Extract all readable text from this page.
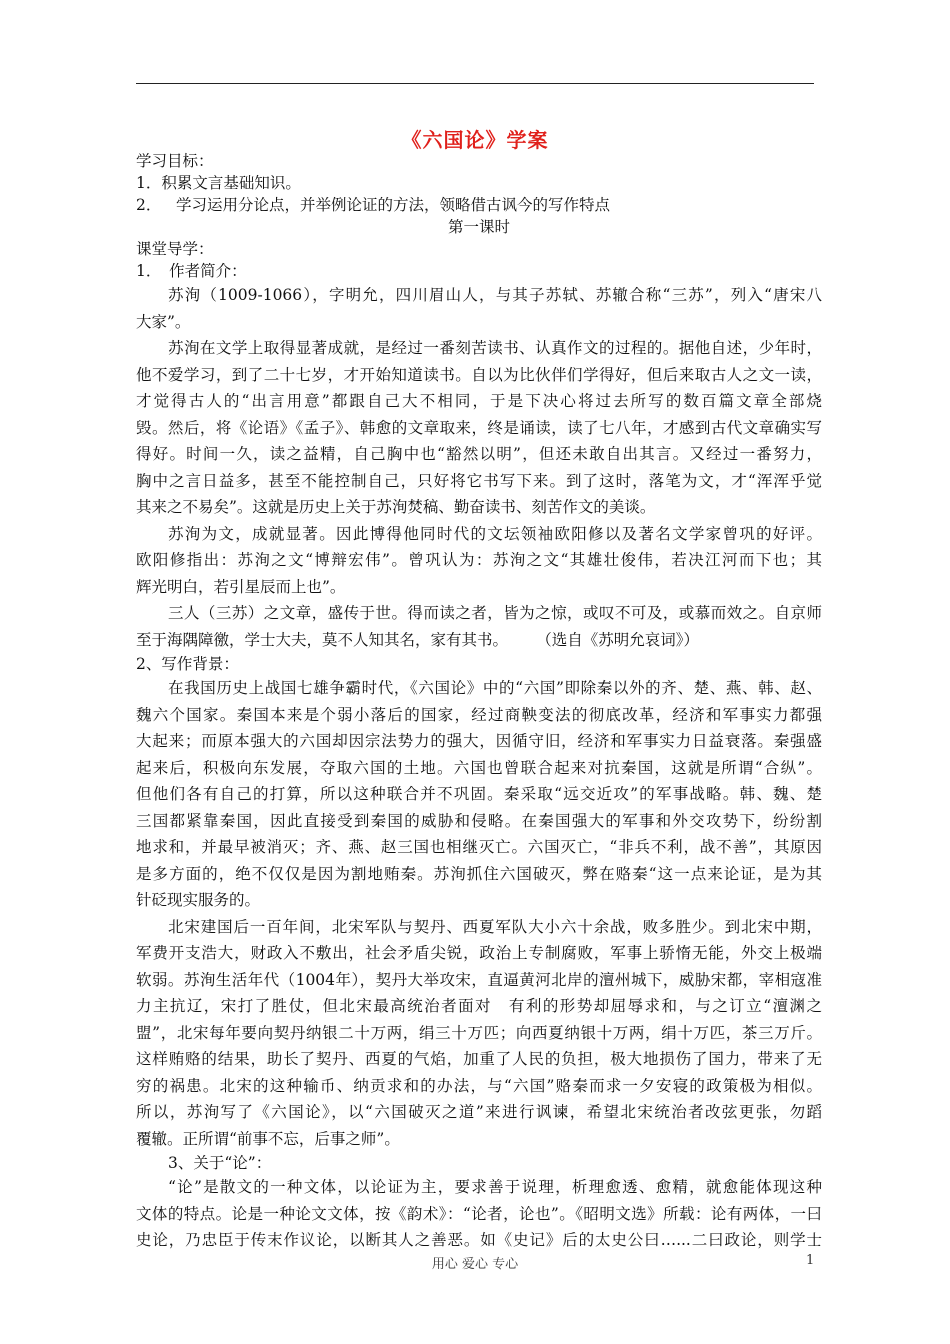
《六国论》学案
学习目标：
1．积累文言基础知识。
2． 学习运用分论点，并举例论证的方法，领略借古讽今的写作特点
第一课时
课堂导学：
1．　作者简介：
苏洵（1009-1066），字明允，四川眉山人，与其子苏轼、苏辙合称“三苏”，列入“唐宋八
大家”。
苏洵在文学上取得显著成就，是经过一番刻苦读书、认真作文的过程的。据他自述，少年时，
他不爱学习，到了二十七岁，才开始知道读书。自以为比伙伴们学得好，但后来取古人之文一读，
才觉得古人的“出言用意”都跟自己大不相同，于是下决心将过去所写的数百篇文章全部烧
毁。然后，将《论语》《孟子》、韩愈的文章取来，终是诵读，读了七八年，才感到古代文章确实写
得好。时间一久，读之益精，自己胸中也“豁然以明”，但还未敢自出其言。又经过一番努力，
胸中之言日益多，甚至不能控制自己，只好将它书写下来。到了这时，落笔为文，才“浑浑乎觉
其来之不易矣”。这就是历史上关于苏洵焚稿、勤奋读书、刻苦作文的美谈。
苏洵为文，成就显著。因此博得他同时代的文坛领袖欧阳修以及著名文学家曾巩的好评。
欧阳修指出：苏洵之文“博辩宏伟”。曾巩认为：苏洵之文“其雄壮俊伟，若决江河而下也；其
辉光明白，若引星辰而上也”。
三人（三苏）之文章，盛传于世。得而读之者，皆为之惊，或叹不可及，或慕而效之。自京师
至于海隅障徼，学士大夫，莫不人知其名，家有其书。 （选自《苏明允哀词》）
2、写作背景：
在我国历史上战国七雄争霸时代，《六国论》中的“六国”即除秦以外的齐、楚、燕、韩、赵、
魏六个国家。秦国本来是个弱小落后的国家，经过商鞅变法的彻底改革，经济和军事实力都强
大起来；而原本强大的六国却因宗法势力的强大，因循守旧，经济和军事实力日益衰落。秦强盛
起来后，积极向东发展，夺取六国的土地。六国也曾联合起来对抗秦国，这就是所谓“合纵”。
但他们各有自己的打算，所以这种联合并不巩固。秦采取“远交近攻”的军事战略。韩、魏、楚
三国都紧靠秦国，因此直接受到秦国的威胁和侵略。在秦国强大的军事和外交攻势下，纷纷割
地求和，并最早被消灭；齐、燕、赵三国也相继灭亡。六国灭亡，“非兵不利，战不善”，其原因
是多方面的，绝不仅仅是因为割地贿秦。苏洵抓住六国破灭，弊在赂秦“这一点来论证，是为其
针砭现实服务的。
北宋建国后一百年间，北宋军队与契丹、西夏军队大小六十余战，败多胜少。到北宋中期，
军费开支浩大，财政入不敷出，社会矛盾尖锐，政治上专制腐败，军事上骄惰无能，外交上极端
软弱。苏洵生活年代（1004年），契丹大举攻宋，直逼黄河北岸的澶州城下，威胁宋都，宰相寇准
力主抗辽，宋打了胜仗，但北宋最高统治者面对　有利的形势却屈辱求和，与之订立“澶渊之
盟”，北宋每年要向契丹纳银二十万两，绢三十万匹；向西夏纳银十万两，绢十万匹，茶三万斤。
这样贿赂的结果，助长了契丹、西夏的气焰，加重了人民的负担，极大地损伤了国力，带来了无
穷的祸患。北宋的这种输币、纳贡求和的办法，与“六国”赂秦而求一夕安寝的政策极为相似。
所以，苏洵写了《六国论》，以“六国破灭之道”来进行讽谏，希望北宋统治者改弦更张，勿蹈
覆辙。正所谓“前事不忘，后事之师”。
3、关于“论”：
“论”是散文的一种文体，以论证为主，要求善于说理，析理愈透、愈精，就愈能体现这种
文体的特点。论是一种论文文体，按《韵术》：“论者，论也”。《昭明文选》所载：论有两体，一曰
史论，乃忠臣于传末作议论，以断其人之善恶。如《史记》后的太史公曰…...二曰政论，则学士
用心 爱心 专心	1
